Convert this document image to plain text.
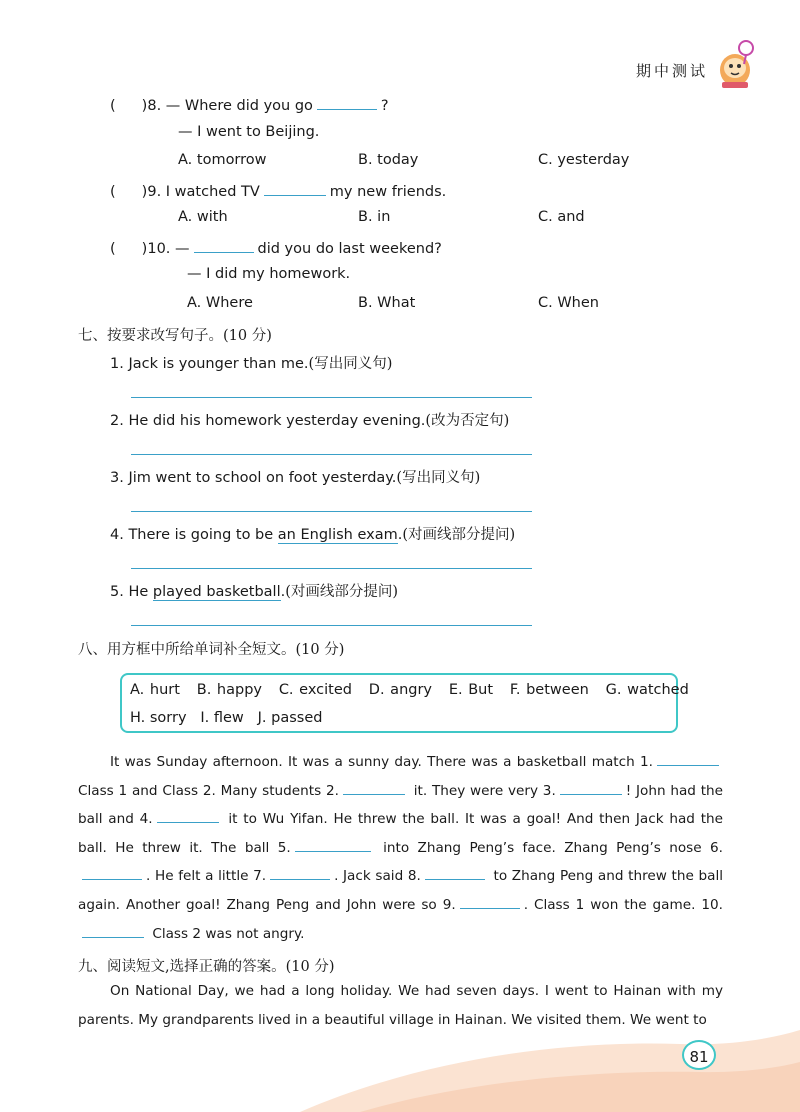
期中测试
( )8. — Where did you go	?
— I went to Beijing.
A. tomorrow	B. today	C. yesterday
( )9. I watched TV	my new friends.
A. with	B. in	C. and
( )10. —	did you do last weekend?
— I did my homework.
A. Where	B. What	C. When
七、按要求改写句子。(10 分)
1. Jack is younger than me.(写出同义句)
2. He did his homework yesterday evening.(改为否定句)
3. Jim went to school on foot yesterday.(写出同义句)
4. There is going to be an English exam.(对画线部分提问)
5. He played basketball.(对画线部分提问)
八、用方框中所给单词补全短文。(10 分)
A. hurt B. happy C. excited D. angry E. But F. between G. watched
H. sorry I. flew J. passed
It was Sunday afternoon. It was a sunny day. There was a basketball match 1. Class 1 and Class 2. Many students 2.	it. They were very 3.	! John had the ball and 4.	it to Wu Yifan. He threw the ball. It was a goal! And then Jack had the ball. He threw it. The ball 5.	into Zhang Peng’s face. Zhang Peng’s nose 6.. He felt a little 7.	. Jack said 8.	to Zhang Peng and threw the ball again. Another goal! Zhang Peng and John were so 9.	. Class 1 won the game. 10. Class 2 was not angry.
九、阅读短文,选择正确的答案。(10 分)
On National Day, we had a long holiday. We had seven days. I went to Hainan with my parents. My grandparents lived in a beautiful village in Hainan. We visited them. We went to
81
